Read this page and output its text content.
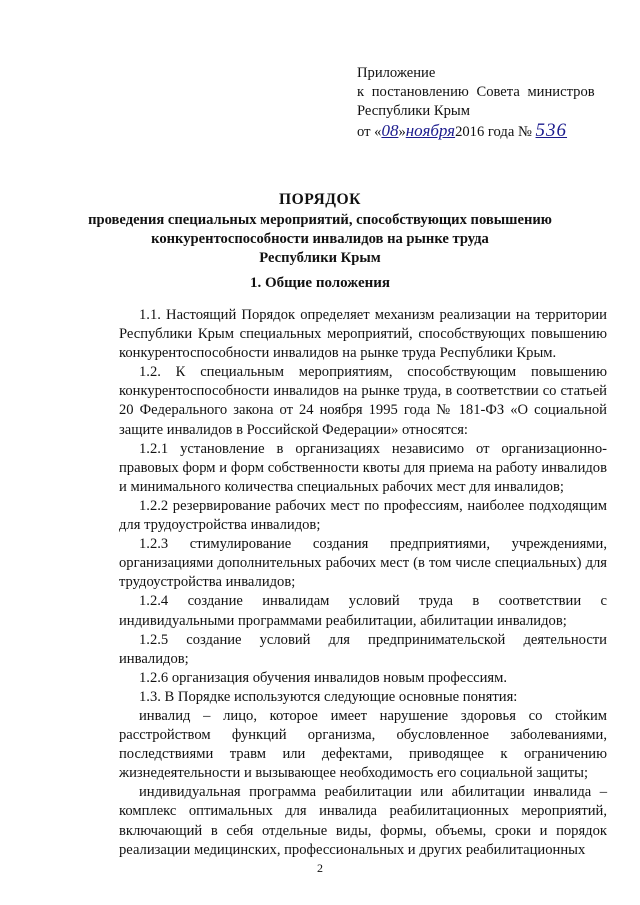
Приложение
к постановлению Совета министров
Республики Крым
от «08»ноября2016 года № 536
ПОРЯДОК
проведения специальных мероприятий, способствующих повышению
конкурентоспособности инвалидов на рынке труда
Республики Крым
1. Общие положения

1.1. Настоящий Порядок определяет механизм реализации на территории Республики Крым специальных мероприятий, способствующих повышению конкурентоспособности инвалидов на рынке труда Республики Крым.

1.2. К специальным мероприятиям, способствующим повышению конкурентоспособности инвалидов на рынке труда, в соответствии со статьей 20 Федерального закона от 24 ноября 1995 года № 181-ФЗ «О социальной защите инвалидов в Российской Федерации» относятся:

1.2.1 установление в организациях независимо от организационно-правовых форм и форм собственности квоты для приема на работу инвалидов и минимального количества специальных рабочих мест для инвалидов;

1.2.2 резервирование рабочих мест по профессиям, наиболее подходящим для трудоустройства инвалидов;

1.2.3 стимулирование создания предприятиями, учреждениями, организациями дополнительных рабочих мест (в том числе специальных) для трудоустройства инвалидов;

1.2.4 создание инвалидам условий труда в соответствии с индивидуальными программами реабилитации, абилитации инвалидов;

1.2.5 создание условий для предпринимательской деятельности инвалидов;

1.2.6 организация обучения инвалидов новым профессиям.

1.3. В Порядке используются следующие основные понятия:

инвалид – лицо, которое имеет нарушение здоровья со стойким расстройством функций организма, обусловленное заболеваниями, последствиями травм или дефектами, приводящее к ограничению жизнедеятельности и вызывающее необходимость его социальной защиты;

индивидуальная программа реабилитации или абилитации инвалида – комплекс оптимальных для инвалида реабилитационных мероприятий, включающий в себя отдельные виды, формы, объемы, сроки и порядок реализации медицинских, профессиональных и других реабилитационных

2
